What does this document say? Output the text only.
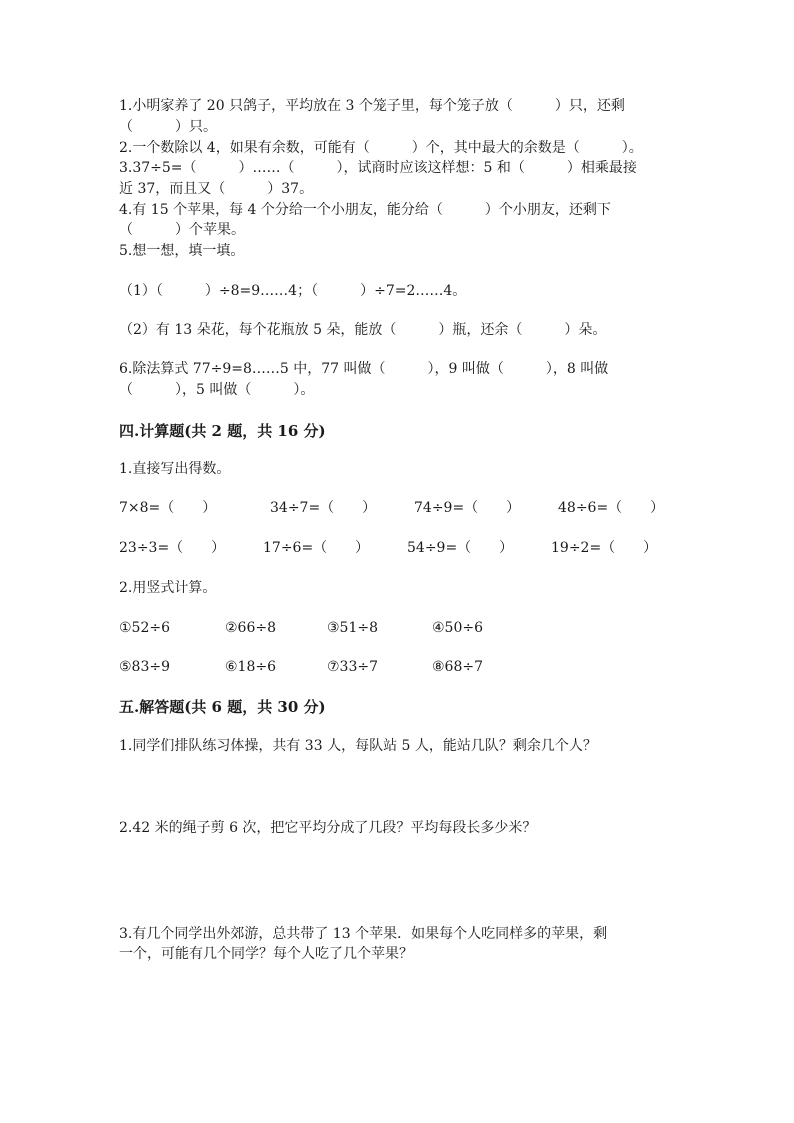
1.小明家养了 20 只鸽子，平均放在 3 个笼子里，每个笼子放（　　　）只，还剩
（　　　）只。
2.一个数除以 4，如果有余数，可能有（　　　）个，其中最大的余数是（　　　）。
3.37÷5=（　　　）……（　　　），试商时应该这样想：5 和（　　　）相乘最接
近 37，而且又（　　　）37。
4.有 15 个苹果，每 4 个分给一个小朋友，能分给（　　　）个小朋友，还剩下
（　　　）个苹果。
5.想一想，填一填。
（1）（　　　）÷8=9……4；（　　　）÷7=2……4。
（2）有 13 朵花，每个花瓶放 5 朵，能放（　　　）瓶，还余（　　　）朵。
6.除法算式 77÷9=8……5 中，77 叫做（　　　），9 叫做（　　　），8 叫做
（　　　），5 叫做（　　　）。
四.计算题(共 2 题，共 16 分)
1.直接写出得数。
7×8=（　　）	34÷7=（　　）	74÷9=（　　）	48÷6=（　　）
23÷3=（　　）	17÷6=（　　）	54÷9=（　　）	19÷2=（　　）
2.用竖式计算。
①52÷6	②66÷8	③51÷8	④50÷6
⑤83÷9	⑥18÷6	⑦33÷7	⑧68÷7
五.解答题(共 6 题，共 30 分)
1.同学们排队练习体操，共有 33 人，每队站 5 人，能站几队？剩余几个人？
2.42 米的绳子剪 6 次，把它平均分成了几段？平均每段长多少米？
3.有几个同学出外郊游，总共带了 13 个苹果．如果每个人吃同样多的苹果，剩
一个，可能有几个同学？每个人吃了几个苹果？
